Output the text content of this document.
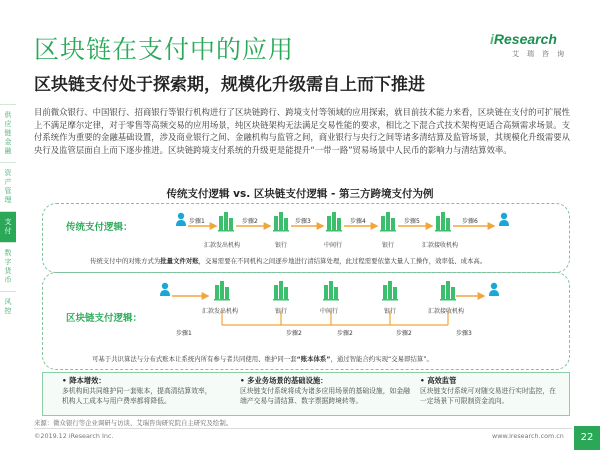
供
应
链
金
融
资
产
管
理
支
付
数
字
货
币
风
控
区块链在支付中的应用
区块链支付处于探索期，规模化升级需自上而下推进
iResearch
艾瑞咨询
目前微众银行、中国银行、招商银行等银行机构进行了区块链跨行、跨境支付等领域的应用探索，就目前技术能力来看，区块链在支付的可扩展性上不满足摩尔定律，对于零售等高频交易的应用场景，纯区块链架构无法满足交易性能的要求，相比之下混合式技术架构更适合高频需求场景。支付系统作为重要的金融基础设置，涉及商业银行之间、金融机构与监管之间，商业银行与央行之间等诸多清结算及监管场景，其规模化升级需要从央行及监管层面自上而下逐步推进。区块链跨境支付系统的升级更是能提升“一带一路”贸易场景中人民币的影响力与清结算效率。
传统支付逻辑 vs. 区块链支付逻辑 - 第三方跨境支付为例
传统支付逻辑：
区块链支付逻辑：
汇款发出机构	银行	中间行	银行	汇款接收机构
步骤1	步骤2	步骤3	步骤4	步骤5	步骤6
传统支付中的对账方式为批量文件对账，交易需要在不同机构之间逐步地进行清结算处理，此过程需要依靠大量人工操作，效率低、成本高。
汇款发出机构	银行	中间行	银行	汇款接收机构
步骤1	步骤2	步骤2	步骤2	步骤3
可基于共识算法与分布式账本让系统内所有参与者共同使用、维护同一套“账本体系”，通过智能合约实现“交易即结算”。
• 降本增效：
多机构间共同维护同一套账本，提高清结算效率，机构人工成本与用户费率都将降低。
• 多业务场景的基础设施：
区块链支付系统将成为诸多应用场景的基础设施，如金融端产交易与清结算、数字票据跨境转等。
• 高效监管
区块链支付系统可对随交易进行实时监控，在一定场景下可限制资金流向。
来源：微众银行等企业调研与访谈、艾瑞咨询研究院自主研究及绘制。
©2019.12 iResearch Inc.	www.iresearch.com.cn	22
